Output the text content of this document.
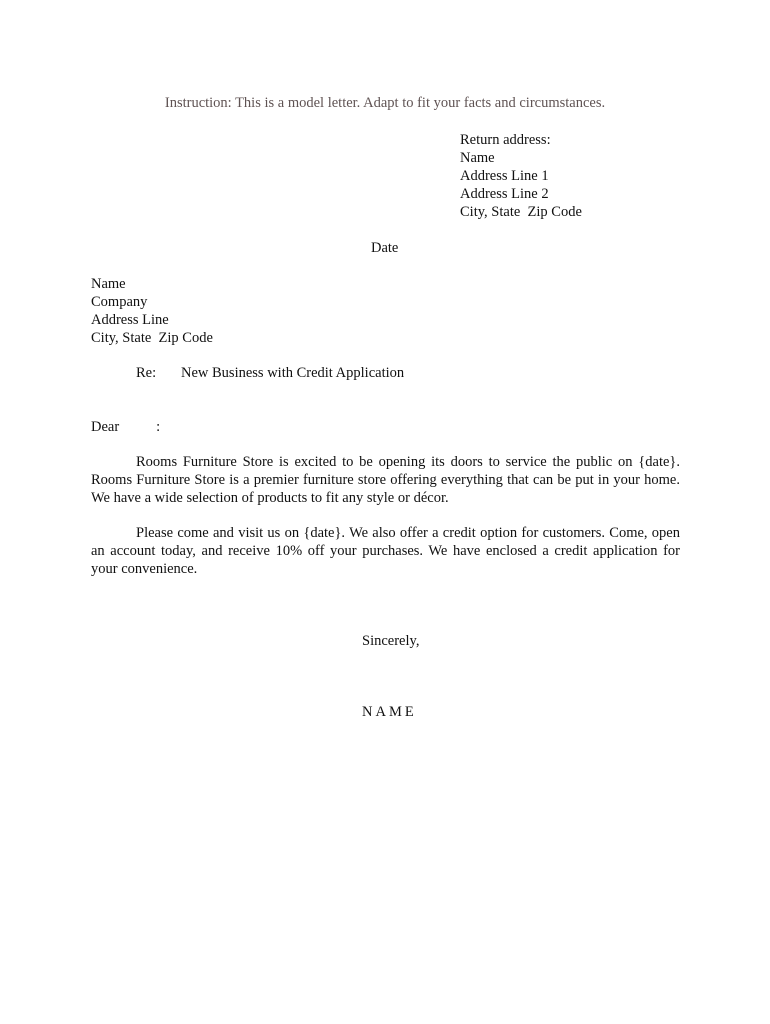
Instruction: This is a model letter. Adapt to fit your facts and circumstances.
Return address:
Name
Address Line 1
Address Line 2
City, State  Zip Code
Date
Name
Company
Address Line
City, State  Zip Code
Re: New Business with Credit Application
Dear	:

Rooms Furniture Store is excited to be opening its doors to service the public on {date}. Rooms Furniture Store is a premier furniture store offering everything that can be put in your home. We have a wide selection of products to fit any style or décor.

Please come and visit us on {date}. We also offer a credit option for customers. Come, open an account today, and receive 10% off your purchases. We have enclosed a credit application for your convenience.

Sincerely,
NAME
